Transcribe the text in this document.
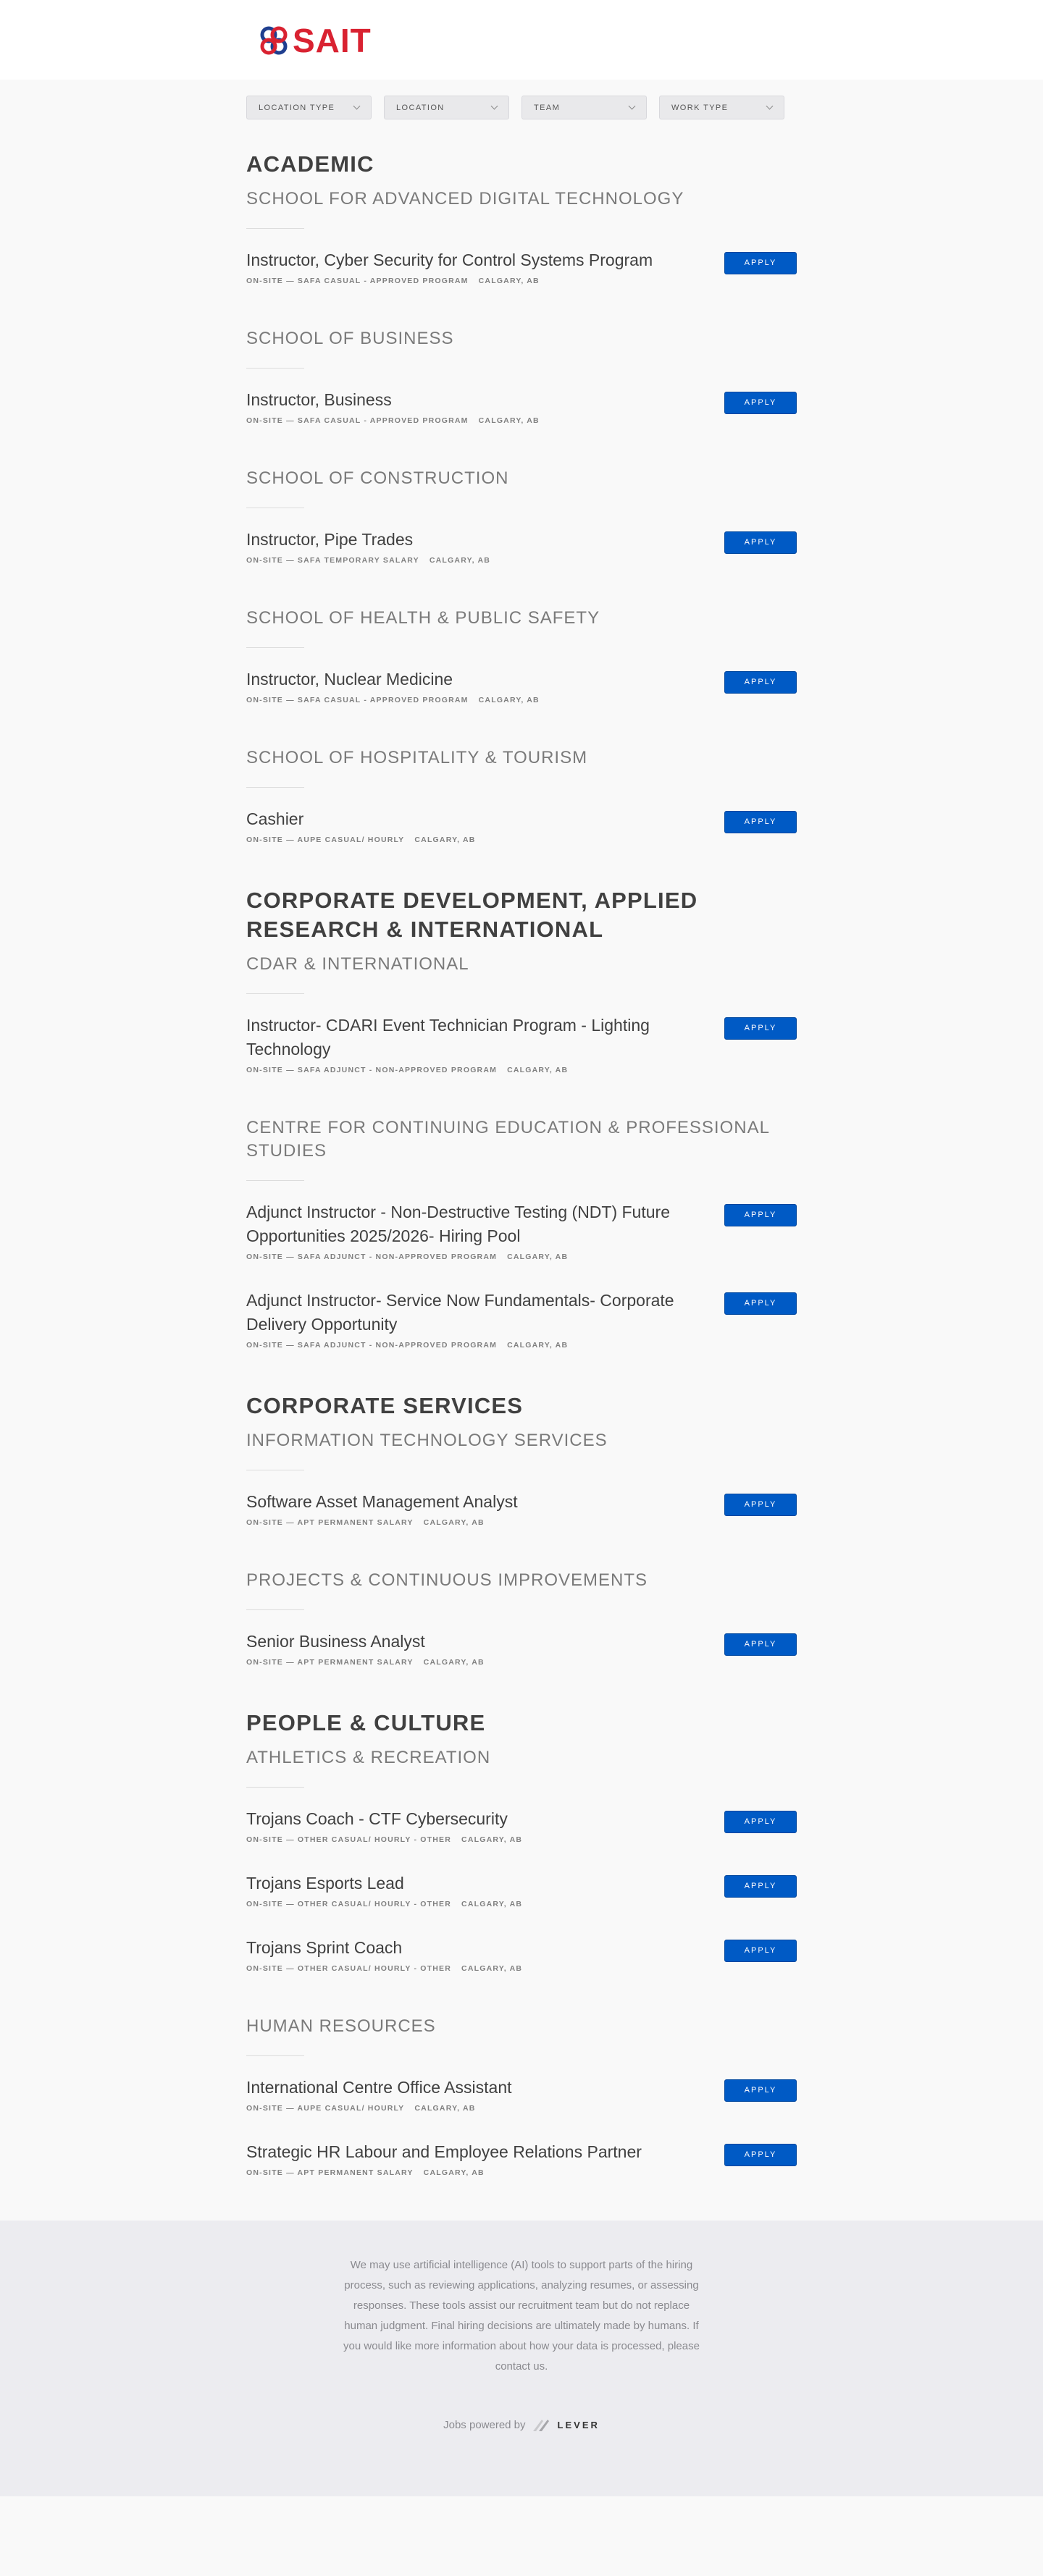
SAIT
LOCATION TYPE	LOCATION	TEAM	WORK TYPE
ACADEMIC
SCHOOL FOR ADVANCED DIGITAL TECHNOLOGY
Instructor, Cyber Security for Control Systems Program
ON-SITE — SAFA CASUAL - APPROVED PROGRAM CALGARY, AB
APPLY
SCHOOL OF BUSINESS
Instructor, Business
ON-SITE — SAFA CASUAL - APPROVED PROGRAM CALGARY, AB
APPLY
SCHOOL OF CONSTRUCTION
Instructor, Pipe Trades
ON-SITE — SAFA TEMPORARY SALARY CALGARY, AB
APPLY
SCHOOL OF HEALTH & PUBLIC SAFETY
Instructor, Nuclear Medicine
ON-SITE — SAFA CASUAL - APPROVED PROGRAM CALGARY, AB
APPLY
SCHOOL OF HOSPITALITY & TOURISM
Cashier
ON-SITE — AUPE CASUAL/ HOURLY CALGARY, AB
APPLY
CORPORATE DEVELOPMENT, APPLIED RESEARCH & INTERNATIONAL
CDAR & INTERNATIONAL
Instructor- CDARI Event Technician Program - Lighting Technology
ON-SITE — SAFA ADJUNCT - NON-APPROVED PROGRAM CALGARY, AB
APPLY
CENTRE FOR CONTINUING EDUCATION & PROFESSIONAL STUDIES
Adjunct Instructor - Non-Destructive Testing (NDT) Future Opportunities 2025/2026- Hiring Pool
ON-SITE — SAFA ADJUNCT - NON-APPROVED PROGRAM CALGARY, AB
APPLY
Adjunct Instructor- Service Now Fundamentals- Corporate Delivery Opportunity
ON-SITE — SAFA ADJUNCT - NON-APPROVED PROGRAM CALGARY, AB
APPLY
CORPORATE SERVICES
INFORMATION TECHNOLOGY SERVICES
Software Asset Management Analyst
ON-SITE — APT PERMANENT SALARY CALGARY, AB
APPLY
PROJECTS & CONTINUOUS IMPROVEMENTS
Senior Business Analyst
ON-SITE — APT PERMANENT SALARY CALGARY, AB
APPLY
PEOPLE & CULTURE
ATHLETICS & RECREATION
Trojans Coach - CTF Cybersecurity
ON-SITE — OTHER CASUAL/ HOURLY - OTHER CALGARY, AB
APPLY
Trojans Esports Lead
ON-SITE — OTHER CASUAL/ HOURLY - OTHER CALGARY, AB
APPLY
Trojans Sprint Coach
ON-SITE — OTHER CASUAL/ HOURLY - OTHER CALGARY, AB
APPLY
HUMAN RESOURCES
International Centre Office Assistant
ON-SITE — AUPE CASUAL/ HOURLY CALGARY, AB
APPLY
Strategic HR Labour and Employee Relations Partner
ON-SITE — APT PERMANENT SALARY CALGARY, AB
APPLY

We may use artificial intelligence (AI) tools to support parts of the hiring process, such as reviewing applications, analyzing resumes, or assessing responses. These tools assist our recruitment team but do not replace human judgment. Final hiring decisions are ultimately made by humans. If you would like more information about how your data is processed, please contact us.

Jobs powered by	LEVER
